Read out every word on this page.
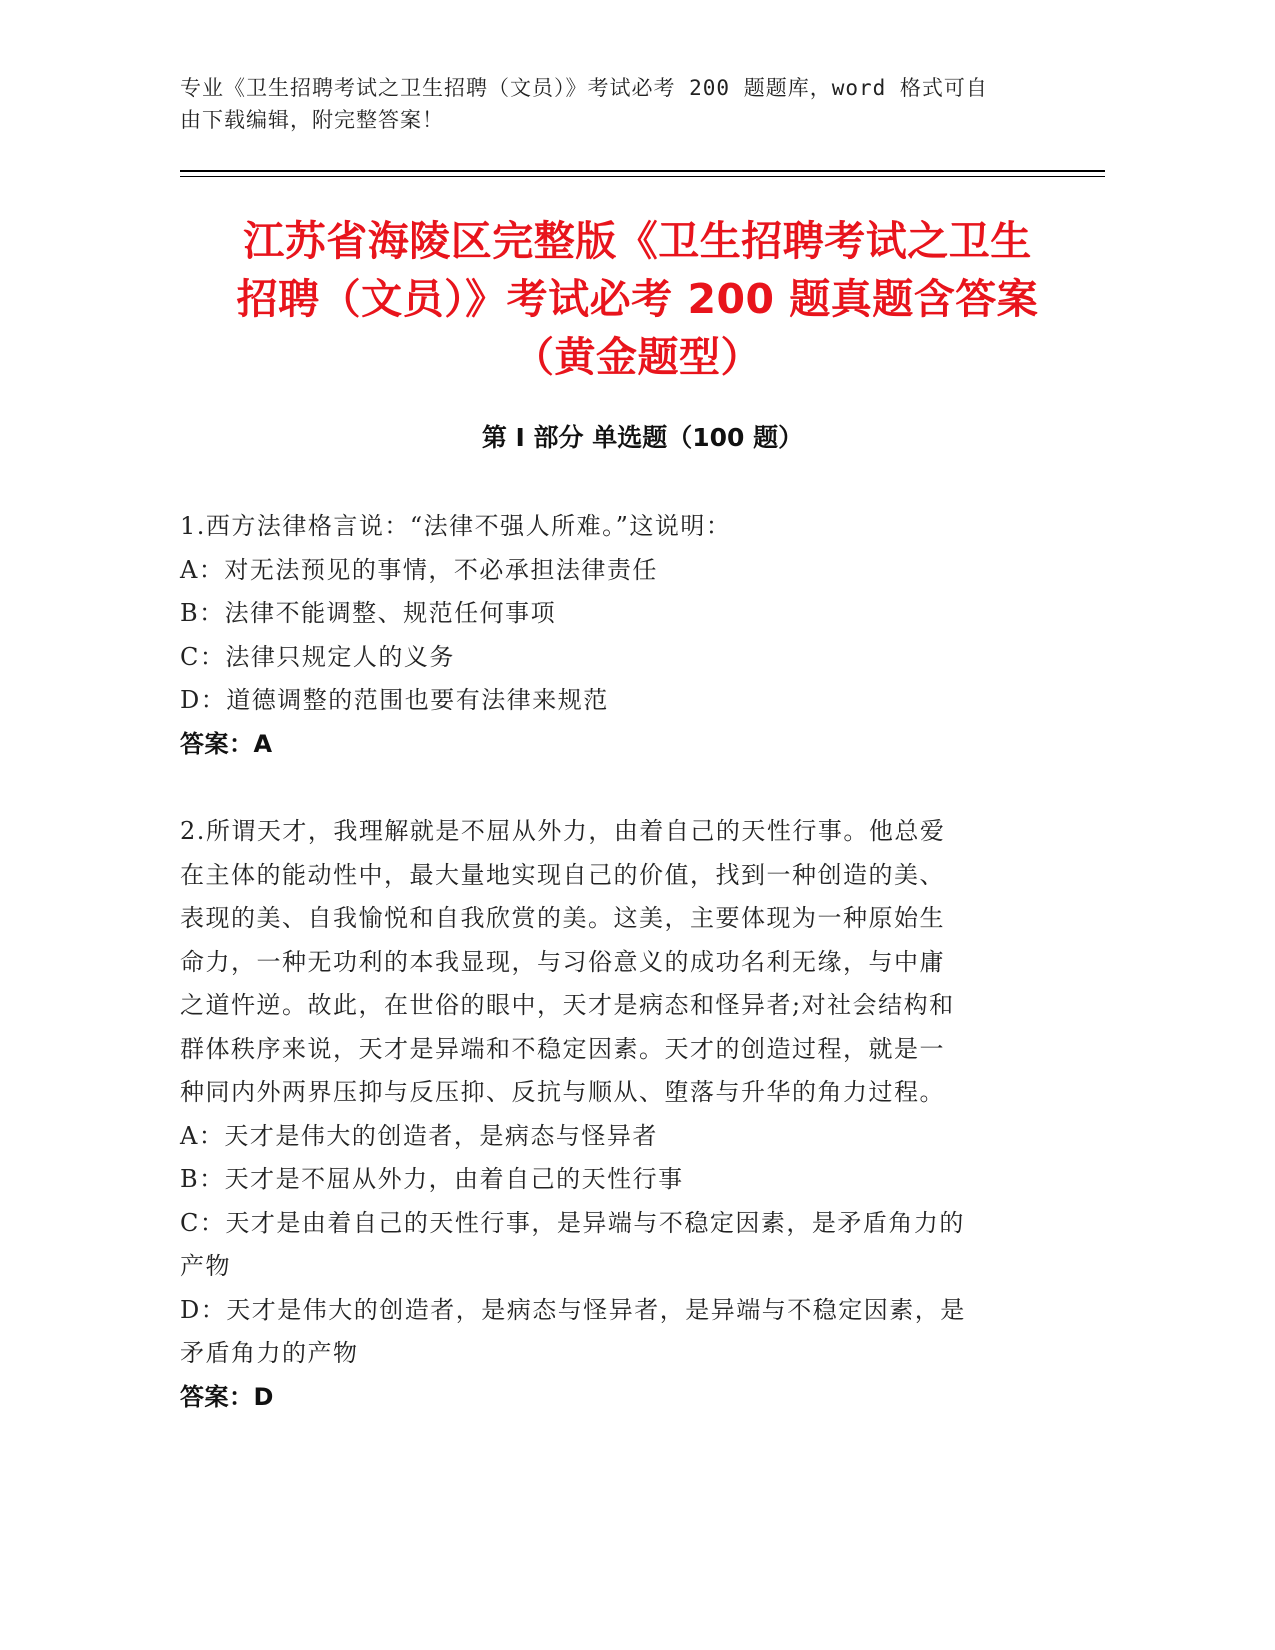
专业《卫生招聘考试之卫生招聘（文员）》考试必考 200 题题库，word 格式可自
由下载编辑，附完整答案！
江苏省海陵区完整版《卫生招聘考试之卫生
招聘（文员）》考试必考 200 题真题含答案
（黄金题型）
第 I 部分 单选题（100 题）
1.西方法律格言说：“法律不强人所难。”这说明：
A：对无法预见的事情，不必承担法律责任
B：法律不能调整、规范任何事项
C：法律只规定人的义务
D：道德调整的范围也要有法律来规范
答案：A
2.所谓天才，我理解就是不屈从外力，由着自己的天性行事。他总爱
在主体的能动性中，最大量地实现自己的价值，找到一种创造的美、
表现的美、自我愉悦和自我欣赏的美。这美，主要体现为一种原始生
命力，一种无功利的本我显现，与习俗意义的成功名利无缘，与中庸
之道忤逆。故此，在世俗的眼中，天才是病态和怪异者;对社会结构和
群体秩序来说，天才是异端和不稳定因素。天才的创造过程，就是一
种同内外两界压抑与反压抑、反抗与顺从、堕落与升华的角力过程。
A：天才是伟大的创造者，是病态与怪异者
B：天才是不屈从外力，由着自己的天性行事
C：天才是由着自己的天性行事，是异端与不稳定因素，是矛盾角力的
产物
D：天才是伟大的创造者，是病态与怪异者，是异端与不稳定因素，是
矛盾角力的产物
答案：D
